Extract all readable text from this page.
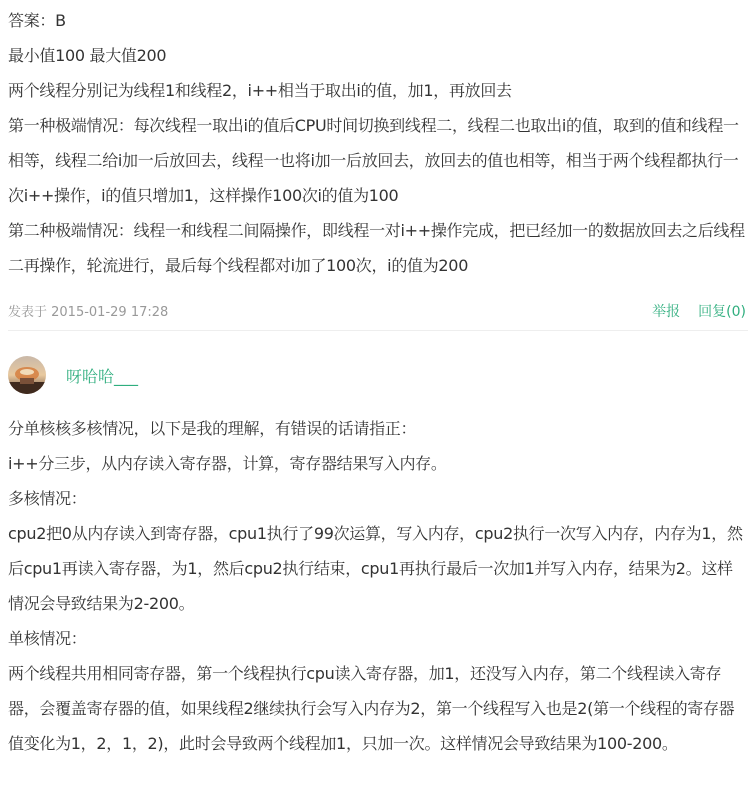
答案：B

最小值100 最大值200

两个线程分别记为线程1和线程2，i++相当于取出i的值，加1，再放回去

第一种极端情况：每次线程一取出i的值后CPU时间切换到线程二，线程二也取出i的值，取到的值和线程一相等，线程二给i加一后放回去，线程一也将i加一后放回去，放回去的值也相等，相当于两个线程都执行一次i++操作，i的值只增加1，这样操作100次i的值为100

第二种极端情况：线程一和线程二间隔操作，即线程一对i++操作完成，把已经加一的数据放回去之后线程二再操作，轮流进行，最后每个线程都对i加了100次，i的值为200

发表于 2015-01-29 17:28	举报 回复(0)
呀哈哈___

分单核核多核情况，以下是我的理解，有错误的话请指正：

i++分三步，从内存读入寄存器，计算，寄存器结果写入内存。

多核情况：

cpu2把0从内存读入到寄存器，cpu1执行了99次运算，写入内存，cpu2执行一次写入内存，内存为1，然后cpu1再读入寄存器，为1，然后cpu2执行结束，cpu1再执行最后一次加1并写入内存，结果为2。这样情况会导致结果为2-200。

单核情况：

两个线程共用相同寄存器，第一个线程执行cpu读入寄存器，加1，还没写入内存，第二个线程读入寄存器，会覆盖寄存器的值，如果线程2继续执行会写入内存为2，第一个线程写入也是2(第一个线程的寄存器值变化为1，2，1，2)，此时会导致两个线程加1，只加一次。这样情况会导致结果为100-200。
